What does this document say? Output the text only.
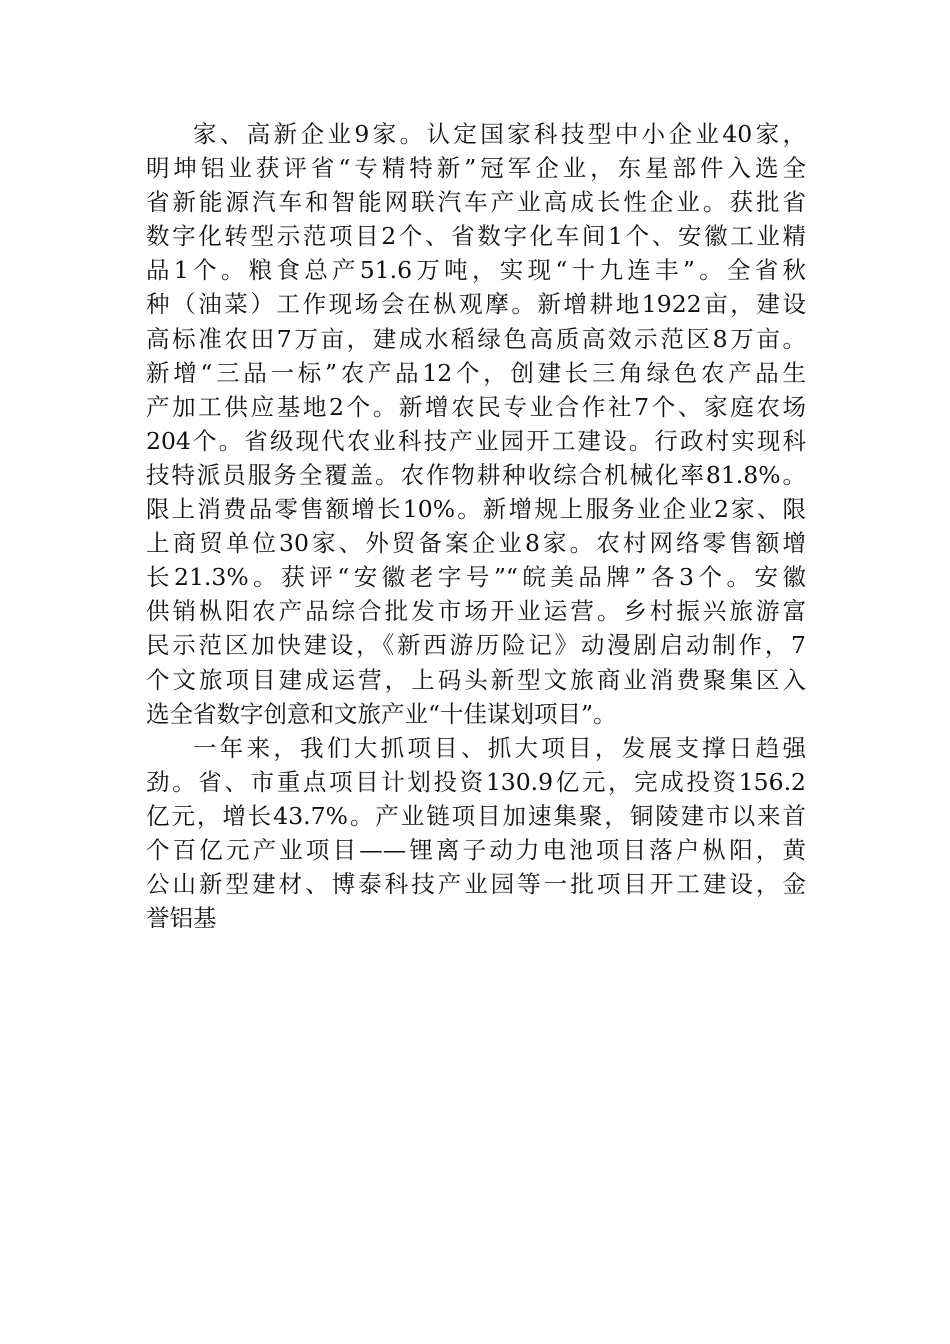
家、高新企业9家。认定国家科技型中小企业40家，
明坤铝业获评省“专精特新”冠军企业，东星部件入选全
省新能源汽车和智能网联汽车产业高成长性企业。获批省
数字化转型示范项目2个、省数字化车间1个、安徽工业精
品1个。粮食总产51.6万吨，实现“十九连丰”。全省秋
种（油菜）工作现场会在枞观摩。新增耕地1922亩，建设
高标准农田7万亩，建成水稻绿色高质高效示范区8万亩。
新增“三品一标”农产品12个，创建长三角绿色农产品生
产加工供应基地2个。新增农民专业合作社7个、家庭农场
204个。省级现代农业科技产业园开工建设。行政村实现科
技特派员服务全覆盖。农作物耕种收综合机械化率81.8%。
限上消费品零售额增长10%。新增规上服务业企业2家、限
上商贸单位30家、外贸备案企业8家。农村网络零售额增
长21.3%。获评“安徽老字号”“皖美品牌”各3个。安徽
供销枞阳农产品综合批发市场开业运营。乡村振兴旅游富
民示范区加快建设，《新西游历险记》动漫剧启动制作，7
个文旅项目建成运营，上码头新型文旅商业消费聚集区入
选全省数字创意和文旅产业“十佳谋划项目”。
一年来，我们大抓项目、抓大项目，发展支撑日趋强
劲。省、市重点项目计划投资130.9亿元，完成投资156.2
亿元，增长43.7%。产业链项目加速集聚，铜陵建市以来首
个百亿元产业项目——锂离子动力电池项目落户枞阳，黄
公山新型建材、博泰科技产业园等一批项目开工建设，金
誉铝基
